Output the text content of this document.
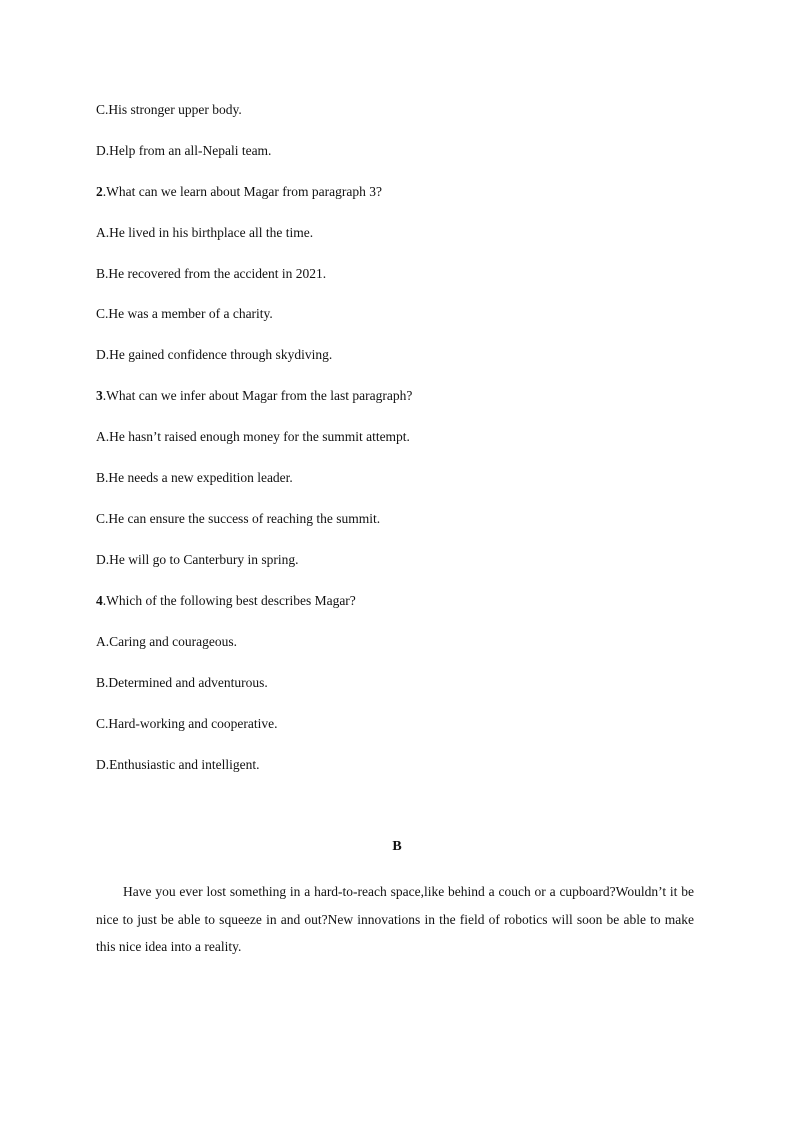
C.His stronger upper body.
D.Help from an all-Nepali team.
2.What can we learn about Magar from paragraph 3?
A.He lived in his birthplace all the time.
B.He recovered from the accident in 2021.
C.He was a member of a charity.
D.He gained confidence through skydiving.
3.What can we infer about Magar from the last paragraph?
A.He hasn’t raised enough money for the summit attempt.
B.He needs a new expedition leader.
C.He can ensure the success of reaching the summit.
D.He will go to Canterbury in spring.
4.Which of the following best describes Magar?
A.Caring and courageous.
B.Determined and adventurous.
C.Hard-working and cooperative.
D.Enthusiastic and intelligent.
B
Have you ever lost something in a hard-to-reach space,like behind a couch or a cupboard?Wouldn’t it be nice to just be able to squeeze in and out?New innovations in the field of robotics will soon be able to make this nice idea into a reality.
